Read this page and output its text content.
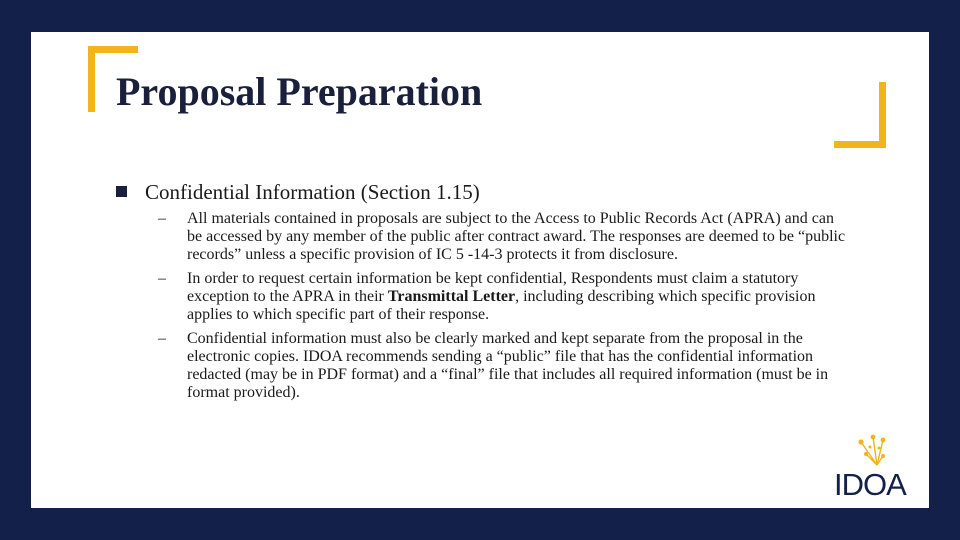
Proposal Preparation
Confidential Information (Section 1.15)
– All materials contained in proposals are subject to the Access to Public Records Act (APRA) and can be accessed by any member of the public after contract award. The responses are deemed to be “public records” unless a specific provision of IC 5 -14-3 protects it from disclosure.
– In order to request certain information be kept confidential, Respondents must claim a statutory exception to the APRA in their Transmittal Letter, including describing which specific provision applies to which specific part of their response.
– Confidential information must also be clearly marked and kept separate from the proposal in the electronic copies. IDOA recommends sending a “public” file that has the confidential information redacted (may be in PDF format) and a “final” file that includes all required information (must be in format provided).
IDOA
